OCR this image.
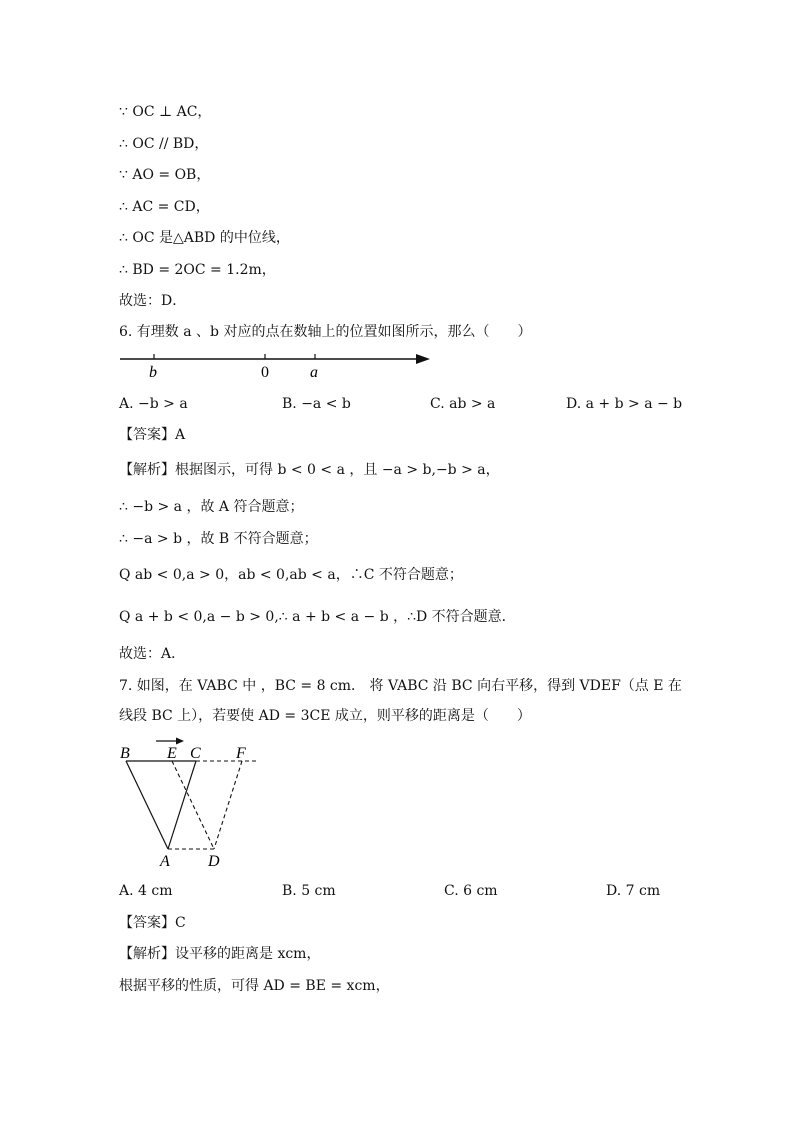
∵ OC ⊥ AC，
∴ OC // BD，
∵ AO = OB，
∴ AC = CD，
∴ OC 是△ABD 的中位线，
∴ BD = 2OC = 1.2m，
故选：D．
6. 有理数 a 、b 对应的点在数轴上的位置如图所示，那么（　　）
b	0	a
A. −b > a	B. −a < b	C. ab > a	D. a + b > a − b
【答案】A
【解析】根据图示，可得 b < 0 < a ，且 −a > b,−b > a，
∴ −b > a ，故 A 符合题意；
∴ −a > b ，故 B 不符合题意；
Q ab < 0,a > 0，ab < 0,ab < a，∴C 不符合题意；
Q a + b < 0,a − b > 0,∴ a + b < a − b ，∴D 不符合题意．
故选：A．
7. 如图，在 VABC 中 ，BC = 8 cm． 将 VABC 沿 BC 向右平移，得到 VDEF（点 E 在
线段 BC 上），若要使 AD = 3CE 成立，则平移的距离是（　　）
B E C F
A D
A. 4 cm	B. 5 cm	C. 6 cm	D. 7 cm
【答案】C
【解析】设平移的距离是 xcm，
根据平移的性质，可得 AD = BE = xcm，
